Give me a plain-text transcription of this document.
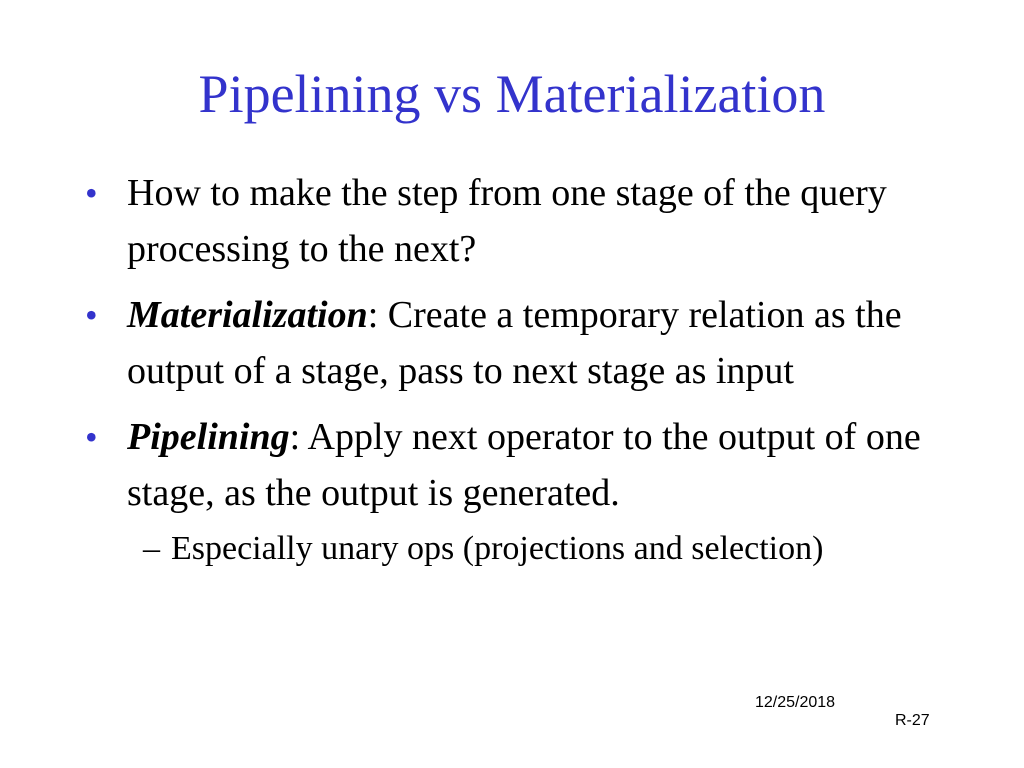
Pipelining vs Materialization
• How to make the step from one stage of the query processing to the next?
• Materialization: Create a temporary relation as the output of a stage, pass to next stage as input
• Pipelining: Apply next operator to the output of one stage, as the output is generated.
– Especially unary ops (projections and selection)
12/25/2018
R-27
